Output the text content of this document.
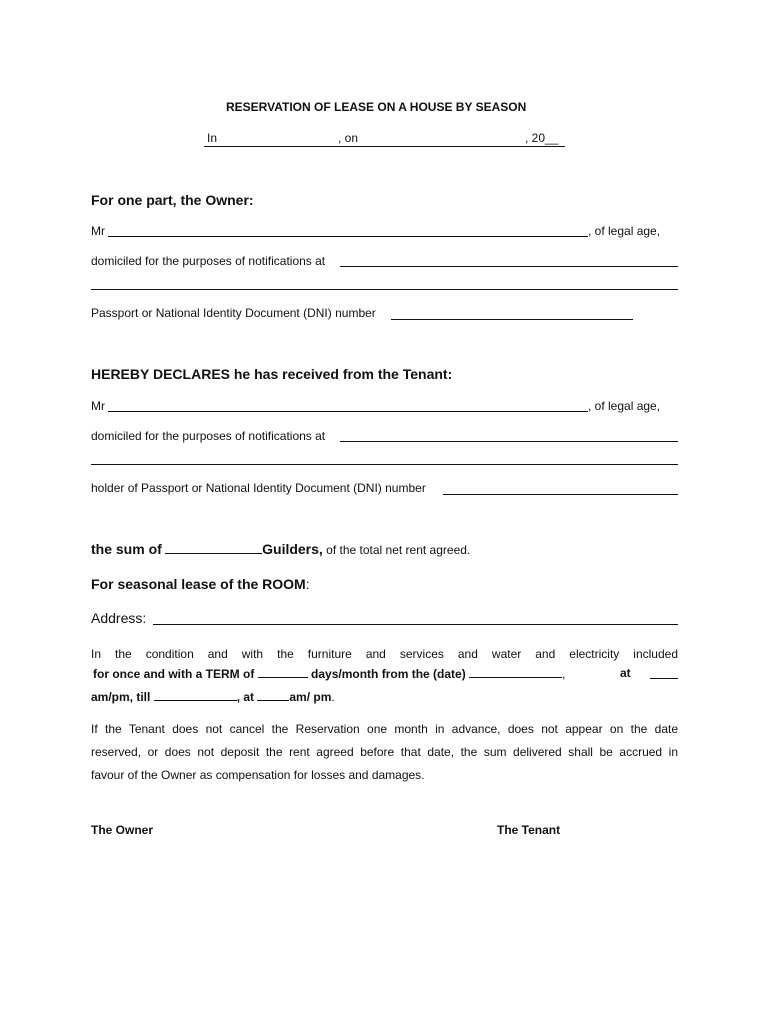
RESERVATION OF LEASE ON A HOUSE BY SEASON
In	, on	, 20__
For one part, the Owner:
Mr	, of legal age,
domiciled for the purposes of notifications at
Passport or National Identity Document (DNI) number
HEREBY DECLARES he has received from the Tenant:
Mr	, of legal age,
domiciled for the purposes of notifications at
holder of Passport or National Identity Document (DNI) number
the sum of	Guilders, of the total net rent agreed.
For seasonal lease of the ROOM:
Address:
In the condition and with the furniture and services and water and electricity included
for once and with a TERM of	days/month from the (date)	,	at
am/pm, till	, at	am/ pm.
If the Tenant does not cancel the Reservation one month in advance, does not appear on the date
reserved, or does not deposit the rent agreed before that date, the sum delivered shall be accrued in
favour of the Owner as compensation for losses and damages.
The Owner	The Tenant
